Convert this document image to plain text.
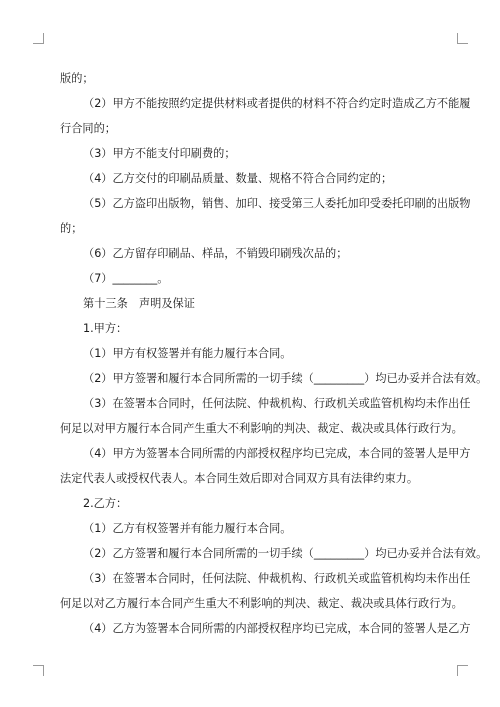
版的；

（2）甲方不能按照约定提供材料或者提供的材料不符合约定时造成乙方不能履

行合同的；

（3）甲方不能支付印刷费的；

（4）乙方交付的印刷品质量、数量、规格不符合合同约定的；

（5）乙方盗印出版物，销售、加印、接受第三人委托加印受委托印刷的出版物

的；

（6）乙方留存印刷品、样品，不销毁印刷残次品的；

（7）________。

第十三条　声明及保证

1.甲方：

（1）甲方有权签署并有能力履行本合同。

（2）甲方签署和履行本合同所需的一切手续（_________）均已办妥并合法有效。

（3）在签署本合同时，任何法院、仲裁机构、行政机关或监管机构均未作出任

何足以对甲方履行本合同产生重大不利影响的判决、裁定、裁决或具体行政行为。

（4）甲方为签署本合同所需的内部授权程序均已完成，本合同的签署人是甲方

法定代表人或授权代表人。本合同生效后即对合同双方具有法律约束力。

2.乙方：

（1）乙方有权签署并有能力履行本合同。

（2）乙方签署和履行本合同所需的一切手续（_________）均已办妥并合法有效。

（3）在签署本合同时，任何法院、仲裁机构、行政机关或监管机构均未作出任

何足以对乙方履行本合同产生重大不利影响的判决、裁定、裁决或具体行政行为。

（4）乙方为签署本合同所需的内部授权程序均已完成，本合同的签署人是乙方
